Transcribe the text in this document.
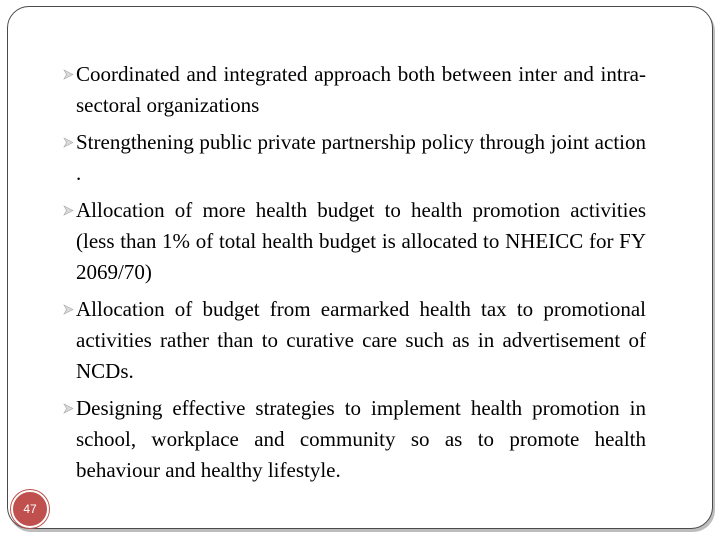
Coordinated and integrated approach both between inter and intra-sectoral organizations
Strengthening public private partnership policy through joint action .
Allocation of more health budget to health promotion activities (less than 1% of total health budget is allocated to NHEICC for FY 2069/70)
Allocation of budget from earmarked health tax to promotional activities rather than to curative care such as in advertisement of NCDs.
Designing effective strategies to implement health promotion in school, workplace and community so as to promote health behaviour and healthy lifestyle.
47
